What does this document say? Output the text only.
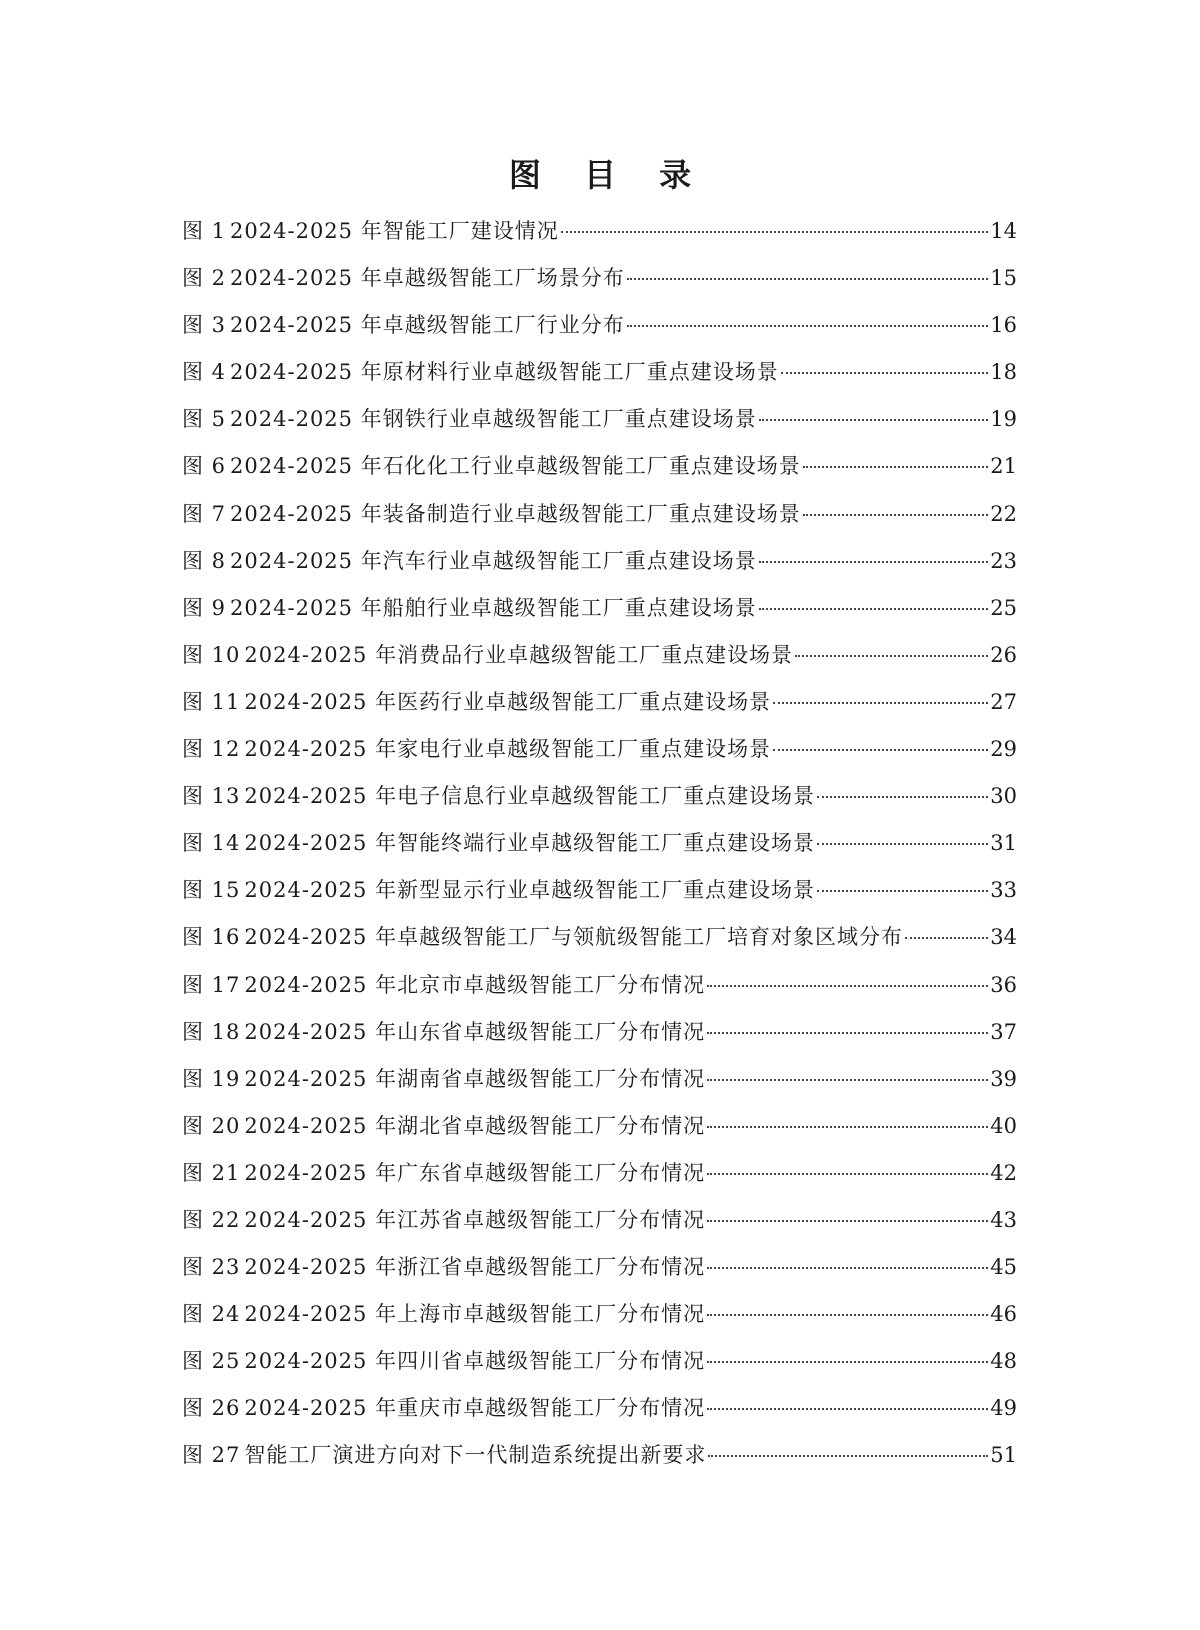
图 目 录
图 1 2024-2025 年智能工厂建设情况	14
图 2 2024-2025 年卓越级智能工厂场景分布	15
图 3 2024-2025 年卓越级智能工厂行业分布	16
图 4 2024-2025 年原材料行业卓越级智能工厂重点建设场景	18
图 5 2024-2025 年钢铁行业卓越级智能工厂重点建设场景	19
图 6 2024-2025 年石化化工行业卓越级智能工厂重点建设场景	21
图 7 2024-2025 年装备制造行业卓越级智能工厂重点建设场景	22
图 8 2024-2025 年汽车行业卓越级智能工厂重点建设场景	23
图 9 2024-2025 年船舶行业卓越级智能工厂重点建设场景	25
图 10 2024-2025 年消费品行业卓越级智能工厂重点建设场景	26
图 11 2024-2025 年医药行业卓越级智能工厂重点建设场景	27
图 12 2024-2025 年家电行业卓越级智能工厂重点建设场景	29
图 13 2024-2025 年电子信息行业卓越级智能工厂重点建设场景	30
图 14 2024-2025 年智能终端行业卓越级智能工厂重点建设场景	31
图 15 2024-2025 年新型显示行业卓越级智能工厂重点建设场景	33
图 16 2024-2025 年卓越级智能工厂与领航级智能工厂培育对象区域分布	34
图 17 2024-2025 年北京市卓越级智能工厂分布情况	36
图 18 2024-2025 年山东省卓越级智能工厂分布情况	37
图 19 2024-2025 年湖南省卓越级智能工厂分布情况	39
图 20 2024-2025 年湖北省卓越级智能工厂分布情况	40
图 21 2024-2025 年广东省卓越级智能工厂分布情况	42
图 22 2024-2025 年江苏省卓越级智能工厂分布情况	43
图 23 2024-2025 年浙江省卓越级智能工厂分布情况	45
图 24 2024-2025 年上海市卓越级智能工厂分布情况	46
图 25 2024-2025 年四川省卓越级智能工厂分布情况	48
图 26 2024-2025 年重庆市卓越级智能工厂分布情况	49
图 27 智能工厂演进方向对下一代制造系统提出新要求	51
